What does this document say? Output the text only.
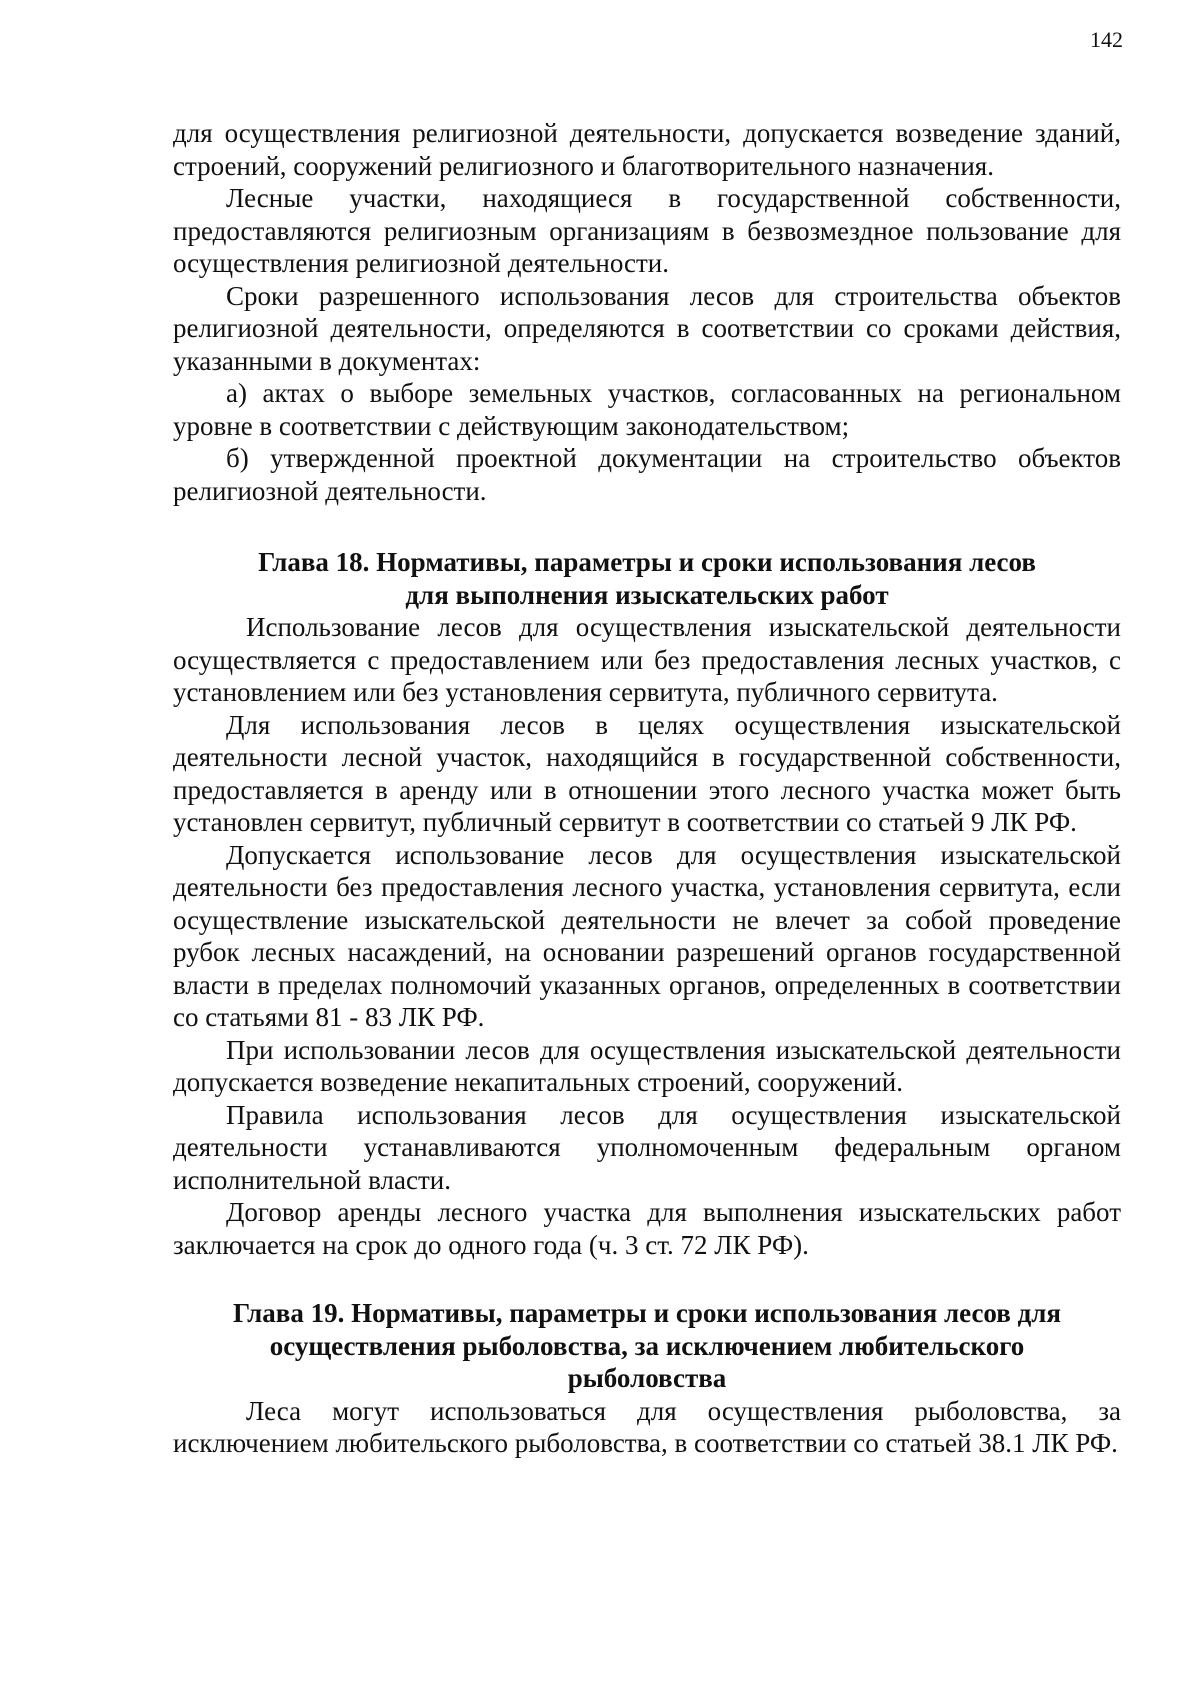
142

для осуществления религиозной деятельности, допускается возведение зданий, строений, сооружений религиозного и благотворительного назначения.

Лесные участки, находящиеся в государственной собственности, предоставляются религиозным организациям в безвозмездное пользование для осуществления религиозной деятельности.

Сроки разрешенного использования лесов для строительства объектов религиозной деятельности, определяются в соответствии со сроками действия, указанными в документах:

а) актах о выборе земельных участков, согласованных на региональном уровне в соответствии с действующим законодательством;

б) утвержденной проектной документации на строительство объектов религиозной деятельности.

Глава 18. Нормативы, параметры и сроки использования лесов

для выполнения изыскательских работ

Использование лесов для осуществления изыскательской деятельности осуществляется с предоставлением или без предоставления лесных участков, с установлением или без установления сервитута, публичного сервитута.

Для использования лесов в целях осуществления изыскательской деятельности лесной участок, находящийся в государственной собственности, предоставляется в аренду или в отношении этого лесного участка может быть установлен сервитут, публичный сервитут в соответствии со статьей 9 ЛК РФ.

Допускается использование лесов для осуществления изыскательской деятельности без предоставления лесного участка, установления сервитута, если осуществление изыскательской деятельности не влечет за собой проведение рубок лесных насаждений, на основании разрешений органов государственной власти в пределах полномочий указанных органов, определенных в соответствии со статьями 81 - 83 ЛК РФ.

При использовании лесов для осуществления изыскательской деятельности допускается возведение некапитальных строений, сооружений.

Правила использования лесов для осуществления изыскательской деятельности устанавливаются уполномоченным федеральным органом исполнительной власти.

Договор аренды лесного участка для выполнения изыскательских работ заключается на срок до одного года (ч. 3 ст. 72 ЛК РФ).

Глава 19. Нормативы, параметры и сроки использования лесов для

осуществления рыболовства, за исключением любительского

рыболовства

Леса могут использоваться для осуществления рыболовства, за исключением любительского рыболовства, в соответствии со статьей 38.1 ЛК РФ.
